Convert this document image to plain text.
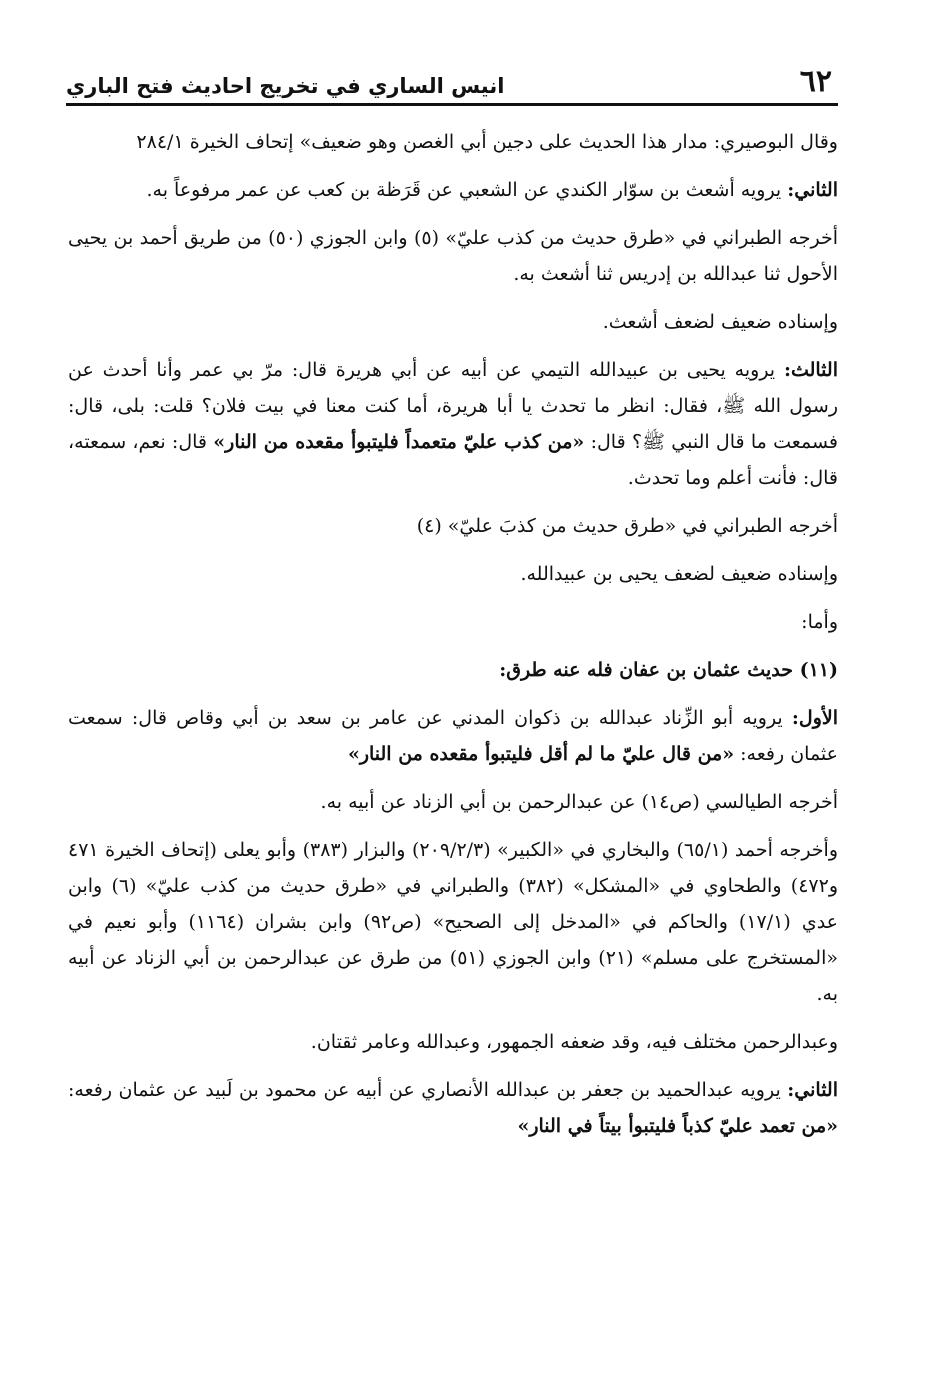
٦٢
انيس الساري في تخريج احاديث فتح الباري

وقال البوصيري: مدار هذا الحديث على دجين أبي الغصن وهو ضعيف» إتحاف الخيرة ٢٨٤/١

الثاني: يرويه أشعث بن سوّار الكندي عن الشعبي عن قَرَظة بن كعب عن عمر مرفوعاً به.

أخرجه الطبراني في «طرق حديث من كذب عليّ» (٥) وابن الجوزي (٥٠) من طريق أحمد بن يحيى الأحول ثنا عبدالله بن إدريس ثنا أشعث به.

وإسناده ضعيف لضعف أشعث.

الثالث: يرويه يحيى بن عبيدالله التيمي عن أبيه عن أبي هريرة قال: مرّ بي عمر وأنا أحدث عن رسول الله ﷺ، فقال: انظر ما تحدث يا أبا هريرة، أما كنت معنا في بيت فلان؟ قلت: بلى، قال: فسمعت ما قال النبي ﷺ؟ قال: «من كذب عليّ متعمداً فليتبوأ مقعده من النار» قال: نعم، سمعته، قال: فأنت أعلم وما تحدث.

أخرجه الطبراني في «طرق حديث من كذبَ عليّ» (٤)

وإسناده ضعيف لضعف يحيى بن عبيدالله.

وأما:

(١١) حديث عثمان بن عفان فله عنه طرق:

الأول: يرويه أبو الزِّناد عبدالله بن ذكوان المدني عن عامر بن سعد بن أبي وقاص قال: سمعت عثمان رفعه: «من قال عليّ ما لم أقل فليتبوأ مقعده من النار»

أخرجه الطيالسي (ص١٤) عن عبدالرحمن بن أبي الزناد عن أبيه به.

وأخرجه أحمد (٦٥/١) والبخاري في «الكبير» (٢٠٩/٢/٣) والبزار (٣٨٣) وأبو يعلى (إتحاف الخيرة ٤٧١ و٤٧٢) والطحاوي في «المشكل» (٣٨٢) والطبراني في «طرق حديث من كذب عليّ» (٦) وابن عدي (١٧/١) والحاكم في «المدخل إلى الصحيح» (ص٩٢) وابن بشران (١١٦٤) وأبو نعيم في «المستخرج على مسلم» (٢١) وابن الجوزي (٥١) من طرق عن عبدالرحمن بن أبي الزناد عن أبيه به.

وعبدالرحمن مختلف فيه، وقد ضعفه الجمهور، وعبدالله وعامر ثقتان.

الثاني: يرويه عبدالحميد بن جعفر بن عبدالله الأنصاري عن أبيه عن محمود بن لَبيد عن عثمان رفعه: «من تعمد عليّ كذباً فليتبوأ بيتاً في النار»
